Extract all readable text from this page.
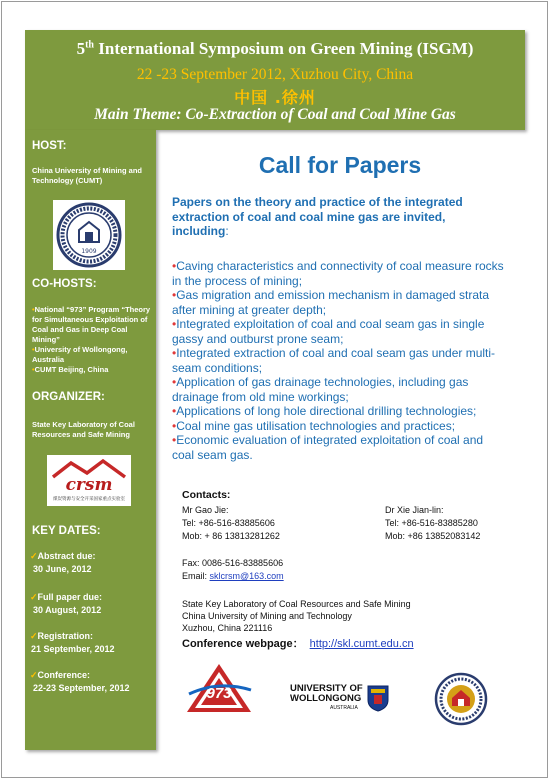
5th International Symposium on Green Mining (ISGM)
22 -23 September 2012, Xuzhou City, China
中国 .徐州
Main Theme: Co-Extraction of Coal and Coal Mine Gas
HOST:
China University of Mining and Technology (CUMT)
1909
CO-HOSTS:
•National “973” Program “Theory for Simultaneous Exploitation of Coal and Gas in Deep Coal Mining”
•University of Wollongong, Australia
•CUMT Beijing, China
ORGANIZER:
State Key Laboratory of Coal Resources and Safe Mining
crsm
煤炭资源与安全开采国家重点实验室
KEY DATES:
✓Abstract due:
30 June, 2012
✓Full paper due:
30 August, 2012
✓Registration:
21 September, 2012
✓Conference:
22-23 September, 2012
Call for Papers
Papers on the theory and practice of the integrated extraction of coal and coal mine gas are invited, including:
•Caving characteristics and connectivity of coal measure rocks in the process of mining;
•Gas migration and emission mechanism in damaged strata after mining at greater depth;
•Integrated exploitation of coal and coal seam gas in single gassy and outburst prone seam;
•Integrated extraction of coal and coal seam gas under multi-seam conditions;
•Application of gas drainage technologies, including gas drainage from old mine workings;
•Applications of long hole directional drilling technologies;
•Coal mine gas utilisation technologies and practices;
•Economic evaluation of integrated exploitation of coal and coal seam gas.
Contacts:
Mr Gao Jie:
Tel: +86-516-83885606
Mob: + 86 13813281262
Dr Xie Jian-lin:
Tel: +86-516-83885280
Mob: +86 13852083142
Fax: 0086-516-83885606
Email: sklcrsm@163.com
State Key Laboratory of Coal Resources and Safe Mining
China University of Mining and Technology
Xuzhou, China 221116
Conference webpage： http://skl.cumt.edu.cn
973	UNIVERSITY OF
WOLLONGONG
AUSTRALIA
